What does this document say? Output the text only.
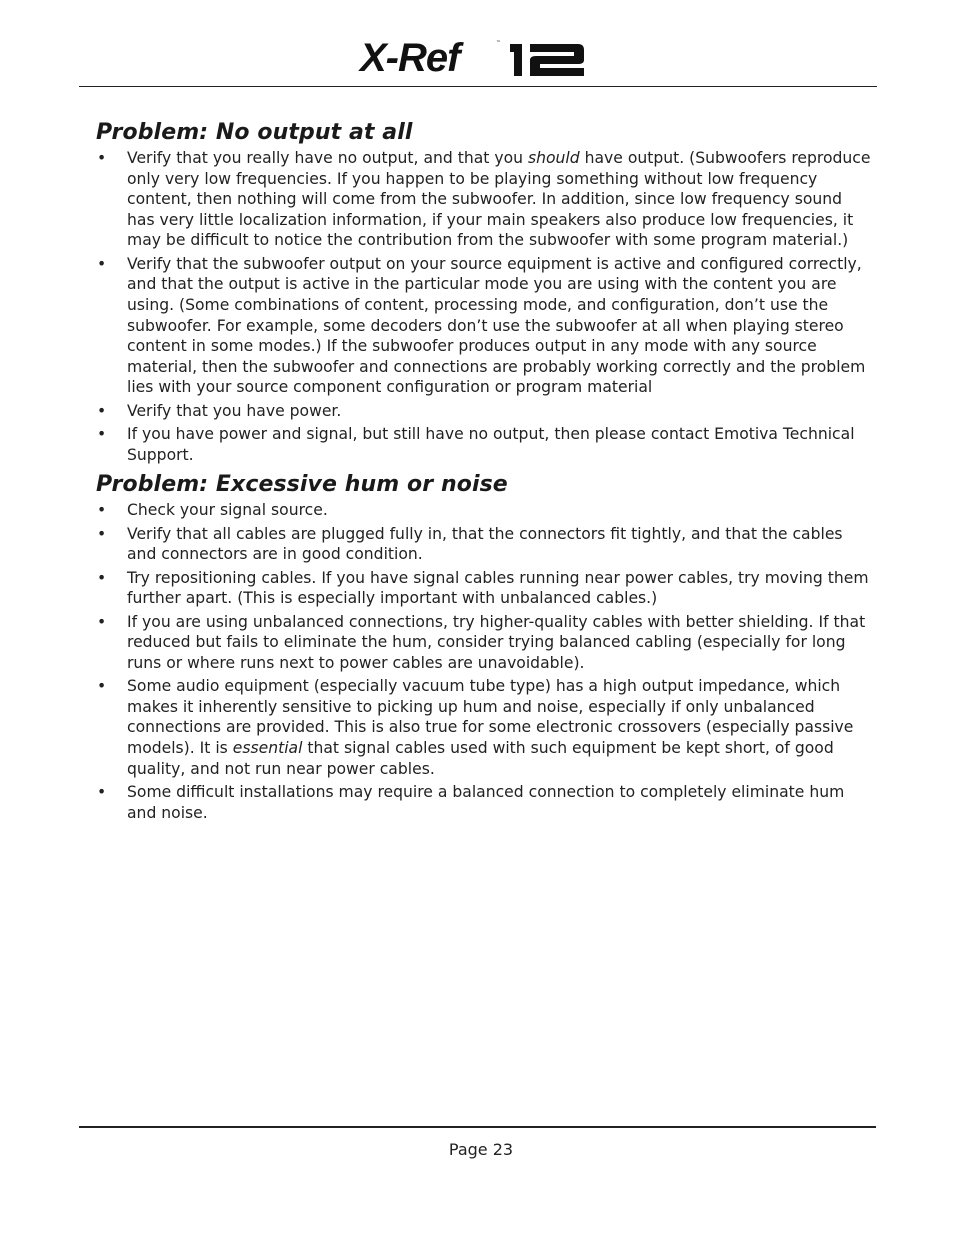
X-Ref	™
Problem: No output at all
• Verify that you really have no output, and that you should have output. (Subwoofers reproduce only very low frequencies. If you happen to be playing something without low frequency content, then nothing will come from the subwoofer. In addition, since low frequency sound has very little localization information, if your main speakers also produce low frequencies, it may be difficult to notice the contribution from the subwoofer with some program material.)
• Verify that the subwoofer output on your source equipment is active and configured correctly, and that the output is active in the particular mode you are using with the content you are using. (Some combinations of content, processing mode, and configuration, don’t use the subwoofer. For example, some decoders don’t use the subwoofer at all when playing stereo content in some modes.) If the subwoofer produces output in any mode with any source material, then the subwoofer and connections are probably working correctly and the problem lies with your source component configuration or program material
• Verify that you have power.
• If you have power and signal, but still have no output, then please contact Emotiva Technical Support.
Problem: Excessive hum or noise
• Check your signal source.
• Verify that all cables are plugged fully in, that the connectors fit tightly, and that the cables and connectors are in good condition.
• Try repositioning cables. If you have signal cables running near power cables, try moving them further apart. (This is especially important with unbalanced cables.)
• If you are using unbalanced connections, try higher-quality cables with better shielding. If that reduced but fails to eliminate the hum, consider trying balanced cabling (especially for long runs or where runs next to power cables are unavoidable).
• Some audio equipment (especially vacuum tube type) has a high output impedance, which makes it inherently sensitive to picking up hum and noise, especially if only unbalanced connections are provided. This is also true for some electronic crossovers (especially passive models). It is essential that signal cables used with such equipment be kept short, of good quality, and not run near power cables.
• Some difficult installations may require a balanced connection to completely eliminate hum and noise.
Page 23
